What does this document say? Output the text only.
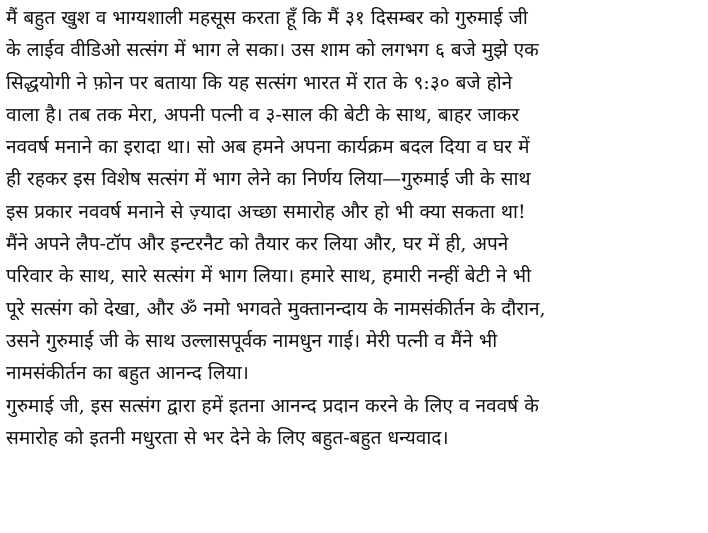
मैं बहुत खुश व भाग्यशाली महसूस करता हूँ कि मैं ३१ दिसम्बर को गुरुमाई जी
के लाईव वीडिओ सत्संग में भाग ले सका। उस शाम को लगभग ६ बजे मुझे एक
सिद्धयोगी ने फ़ोन पर बताया कि यह सत्संग भारत में रात के ९:३० बजे होने
वाला है। तब तक मेरा, अपनी पत्नी व ३-साल की बेटी के साथ, बाहर जाकर
नववर्ष मनाने का इरादा था। सो अब हमने अपना कार्यक्रम बदल दिया व घर में
ही रहकर इस विशेष सत्संग में भाग लेने का निर्णय लिया—गुरुमाई जी के साथ
इस प्रकार नववर्ष मनाने से ज़्यादा अच्छा समारोह और हो भी क्या सकता था!
मैंने अपने लैप-टॉप और इन्टरनैट को तैयार कर लिया और, घर में ही, अपने
परिवार के साथ, सारे सत्संग में भाग लिया। हमारे साथ, हमारी नन्हीं बेटी ने भी
पूरे सत्संग को देखा, और ॐ नमो भगवते मुक्तानन्दाय के नामसंकीर्तन के दौरान,
उसने गुरुमाई जी के साथ उल्लासपूर्वक नामधुन गाई। मेरी पत्नी व मैंने भी
नामसंकीर्तन का बहुत आनन्द लिया।
गुरुमाई जी, इस सत्संग द्वारा हमें इतना आनन्द प्रदान करने के लिए व नववर्ष के
समारोह को इतनी मधुरता से भर देने के लिए बहुत-बहुत धन्यवाद।
